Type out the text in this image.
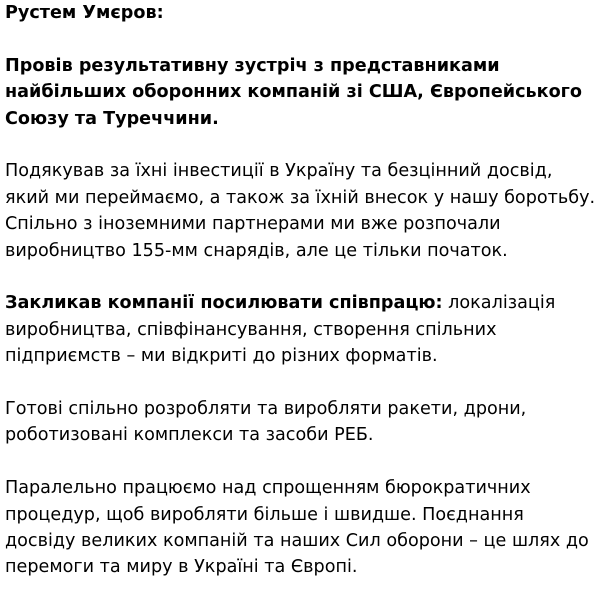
Рустем Умєров:

Провів результативну зустріч з представниками найбільших оборонних компаній зі США, Європейського Союзу та Туреччини.

Подякував за їхні інвестиції в Україну та безцінний досвід, який ми переймаємо, а також за їхній внесок у нашу боротьбу. Спільно з іноземними партнерами ми вже розпочали виробництво 155-мм снарядів, але це тільки початок.

Закликав компанії посилювати співпрацю: локалізація виробництва, співфінансування, створення спільних підприємств – ми відкриті до різних форматів.

Готові спільно розробляти та виробляти ракети, дрони, роботизовані комплекси та засоби РЕБ.

Паралельно працюємо над спрощенням бюрократичних процедур, щоб виробляти більше і швидше. Поєднання досвіду великих компаній та наших Сил оборони – це шлях до перемоги та миру в Україні та Європі.
